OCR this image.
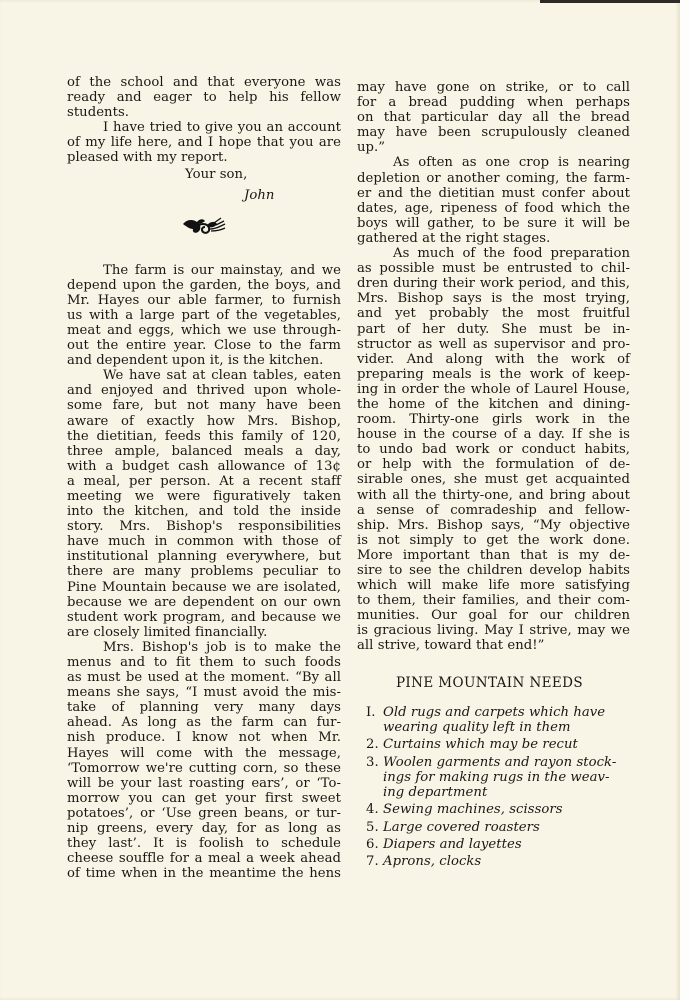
of the school and that everyone was
ready and eager to help his fellow
students.
I have tried to give you an account
of my life here, and I hope that you are
pleased with my report.
Your son,
John
The farm is our mainstay, and we
depend upon the garden, the boys, and
Mr. Hayes our able farmer, to furnish
us with a large part of the vegetables,
meat and eggs, which we use through-
out the entire year. Close to the farm
and dependent upon it, is the kitchen.
We have sat at clean tables, eaten
and enjoyed and thrived upon whole-
some fare, but not many have been
aware of exactly how Mrs. Bishop,
the dietitian, feeds this family of 120,
three ample, balanced meals a day,
with a budget cash allowance of 13¢
a meal, per person. At a recent staff
meeting we were figuratively taken
into the kitchen, and told the inside
story. Mrs. Bishop's responsibilities
have much in common with those of
institutional planning everywhere, but
there are many problems peculiar to
Pine Mountain because we are isolated,
because we are dependent on our own
student work program, and because we
are closely limited financially.
Mrs. Bishop's job is to make the
menus and to fit them to such foods
as must be used at the moment. “By all
means she says, “I must avoid the mis-
take of planning very many days
ahead. As long as the farm can fur-
nish produce. I know not when Mr.
Hayes will come with the message,
‘Tomorrow we're cutting corn, so these
will be your last roasting ears’, or ‘To-
morrow you can get your first sweet
potatoes’, or ‘Use green beans, or tur-
nip greens, every day, for as long as
they last’. It is foolish to schedule
cheese souffle for a meal a week ahead
of time when in the meantime the hens
may have gone on strike, or to call
for a bread pudding when perhaps
on that particular day all the bread
may have been scrupulously cleaned
up.”
As often as one crop is nearing
depletion or another coming, the farm-
er and the dietitian must confer about
dates, age, ripeness of food which the
boys will gather, to be sure it will be
gathered at the right stages.
As much of the food preparation
as possible must be entrusted to chil-
dren during their work period, and this,
Mrs. Bishop says is the most trying,
and yet probably the most fruitful
part of her duty. She must be in-
structor as well as supervisor and pro-
vider. And along with the work of
preparing meals is the work of keep-
ing in order the whole of Laurel House,
the home of the kitchen and dining-
room. Thirty-one girls work in the
house in the course of a day. If she is
to undo bad work or conduct habits,
or help with the formulation of de-
sirable ones, she must get acquainted
with all the thirty-one, and bring about
a sense of comradeship and fellow-
ship. Mrs. Bishop says, “My objective
is not simply to get the work done.
More important than that is my de-
sire to see the children develop habits
which will make life more satisfying
to them, their families, and their com-
munities. Our goal for our children
is gracious living. May I strive, may we
all strive, toward that end!”
PINE MOUNTAIN NEEDS
I. Old rugs and carpets which have
wearing quality left in them
2. Curtains which may be recut
3. Woolen garments and rayon stock-
ings for making rugs in the weav-
ing department
4. Sewing machines, scissors
5. Large covered roasters
6. Diapers and layettes
7. Aprons, clocks
